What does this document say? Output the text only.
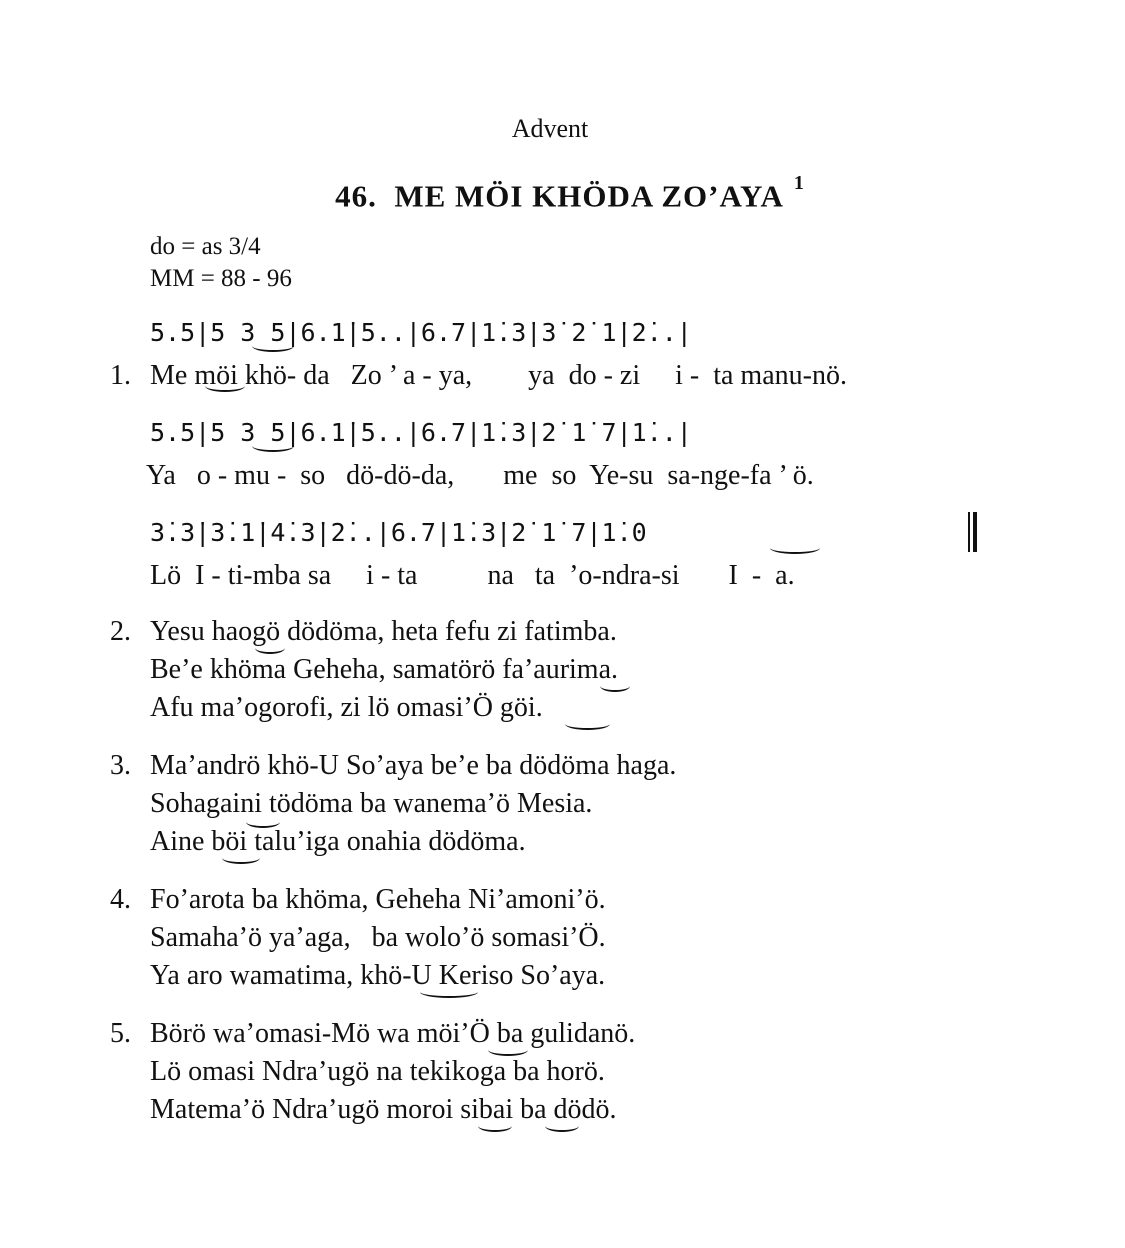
Advent
46. ME MÖI KHÖDA ZO’AYA $^1$
do = as 3/4
MM = 88 - 96
5.5|5 3 5|6.1̇|5..|6.7|1̇.3̇|3̇ 2̇ 1̇|2̇..|
1. Me möi khö- da   Zo ’ a - ya,        ya  do - zi     i -  ta manu-nö.
5.5|5 3 5|6.1̇|5..|6.7|1̇.3̇|2̇ 1̇ 7|1̇..|
Ya   o - mu -  so   dö-dö-da,       me  so  Ye-su  sa-nge-fa ’ ö.
3̇.3̇|3̇.1̇|4̇.3̇|2̇..|6.7|1̇.3̇|2̇ 1̇ 7|1̇.0
Lö  I - ti-mba sa     i - ta          na   ta  ’o-ndra-si       I  -  a.
2. Yesu haogö dödöma, heta fefu zi fatimba.
Be’e khöma Geheha, samatörö fa’aurima.
Afu ma’ogorofi, zi lö omasi’Ö göi.
3. Ma’andrö khö-U So’aya be’e ba dödöma haga.
Sohagaini tödöma ba wanema’ö Mesia.
Aine böi talu’iga onahia dödöma.
4. Fo’arota ba khöma, Geheha Ni’amoni’ö.
Samaha’ö ya’aga,   ba wolo’ö somasi’Ö.
Ya aro wamatima, khö-U Keriso So’aya.
5. Börö wa’omasi-Mö wa möi’Ö ba gulidanö.
Lö omasi Ndra’ugö na tekikoga ba horö.
Matema’ö Ndra’ugö moroi sibai ba dödö.
